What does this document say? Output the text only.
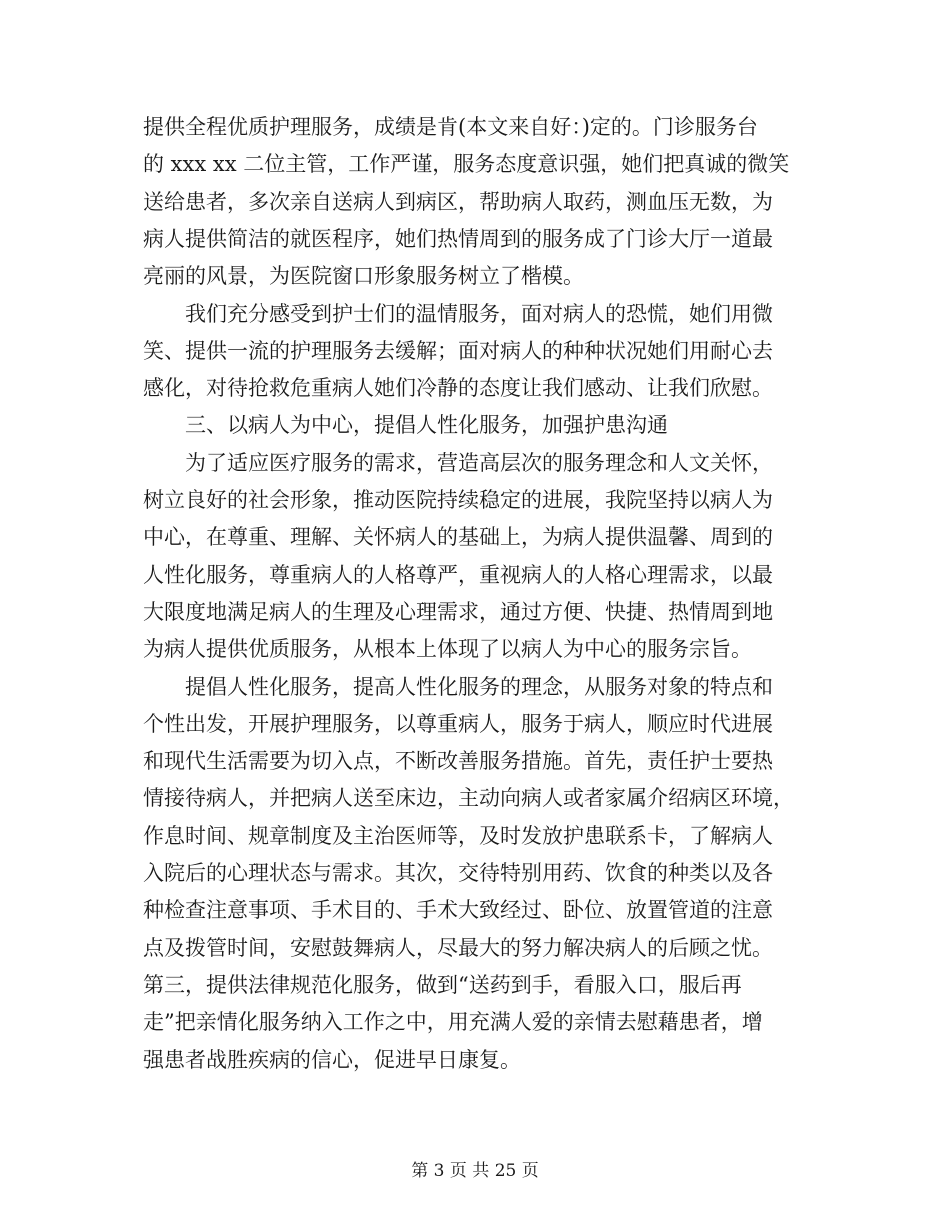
提供全程优质护理服务，成绩是肯(本文来自好：)定的。门诊服务台
的 xxx xx 二位主管，工作严谨，服务态度意识强，她们把真诚的微笑
送给患者，多次亲自送病人到病区，帮助病人取药，测血压无数，为
病人提供简洁的就医程序，她们热情周到的服务成了门诊大厅一道最
亮丽的风景，为医院窗口形象服务树立了楷模。
　　我们充分感受到护士们的温情服务，面对病人的恐慌，她们用微
笑、提供一流的护理服务去缓解；面对病人的种种状况她们用耐心去
感化，对待抢救危重病人她们冷静的态度让我们感动、让我们欣慰。
　　三、以病人为中心，提倡人性化服务，加强护患沟通
　　为了适应医疗服务的需求，营造高层次的服务理念和人文关怀，
树立良好的社会形象，推动医院持续稳定的进展，我院坚持以病人为
中心，在尊重、理解、关怀病人的基础上，为病人提供温馨、周到的
人性化服务，尊重病人的人格尊严，重视病人的人格心理需求，以最
大限度地满足病人的生理及心理需求，通过方便、快捷、热情周到地
为病人提供优质服务，从根本上体现了以病人为中心的服务宗旨。
　　提倡人性化服务，提高人性化服务的理念，从服务对象的特点和
个性出发，开展护理服务，以尊重病人，服务于病人，顺应时代进展
和现代生活需要为切入点，不断改善服务措施。首先，责任护士要热
情接待病人，并把病人送至床边，主动向病人或者家属介绍病区环境，
作息时间、规章制度及主治医师等，及时发放护患联系卡，了解病人
入院后的心理状态与需求。其次，交待特别用药、饮食的种类以及各
种检查注意事项、手术目的、手术大致经过、卧位、放置管道的注意
点及拨管时间，安慰鼓舞病人，尽最大的努力解决病人的后顾之忧。
第三，提供法律规范化服务，做到“送药到手，看服入口，服后再
走”把亲情化服务纳入工作之中，用充满人爱的亲情去慰藉患者，增
强患者战胜疾病的信心，促进早日康复。
第 3 页 共 25 页
